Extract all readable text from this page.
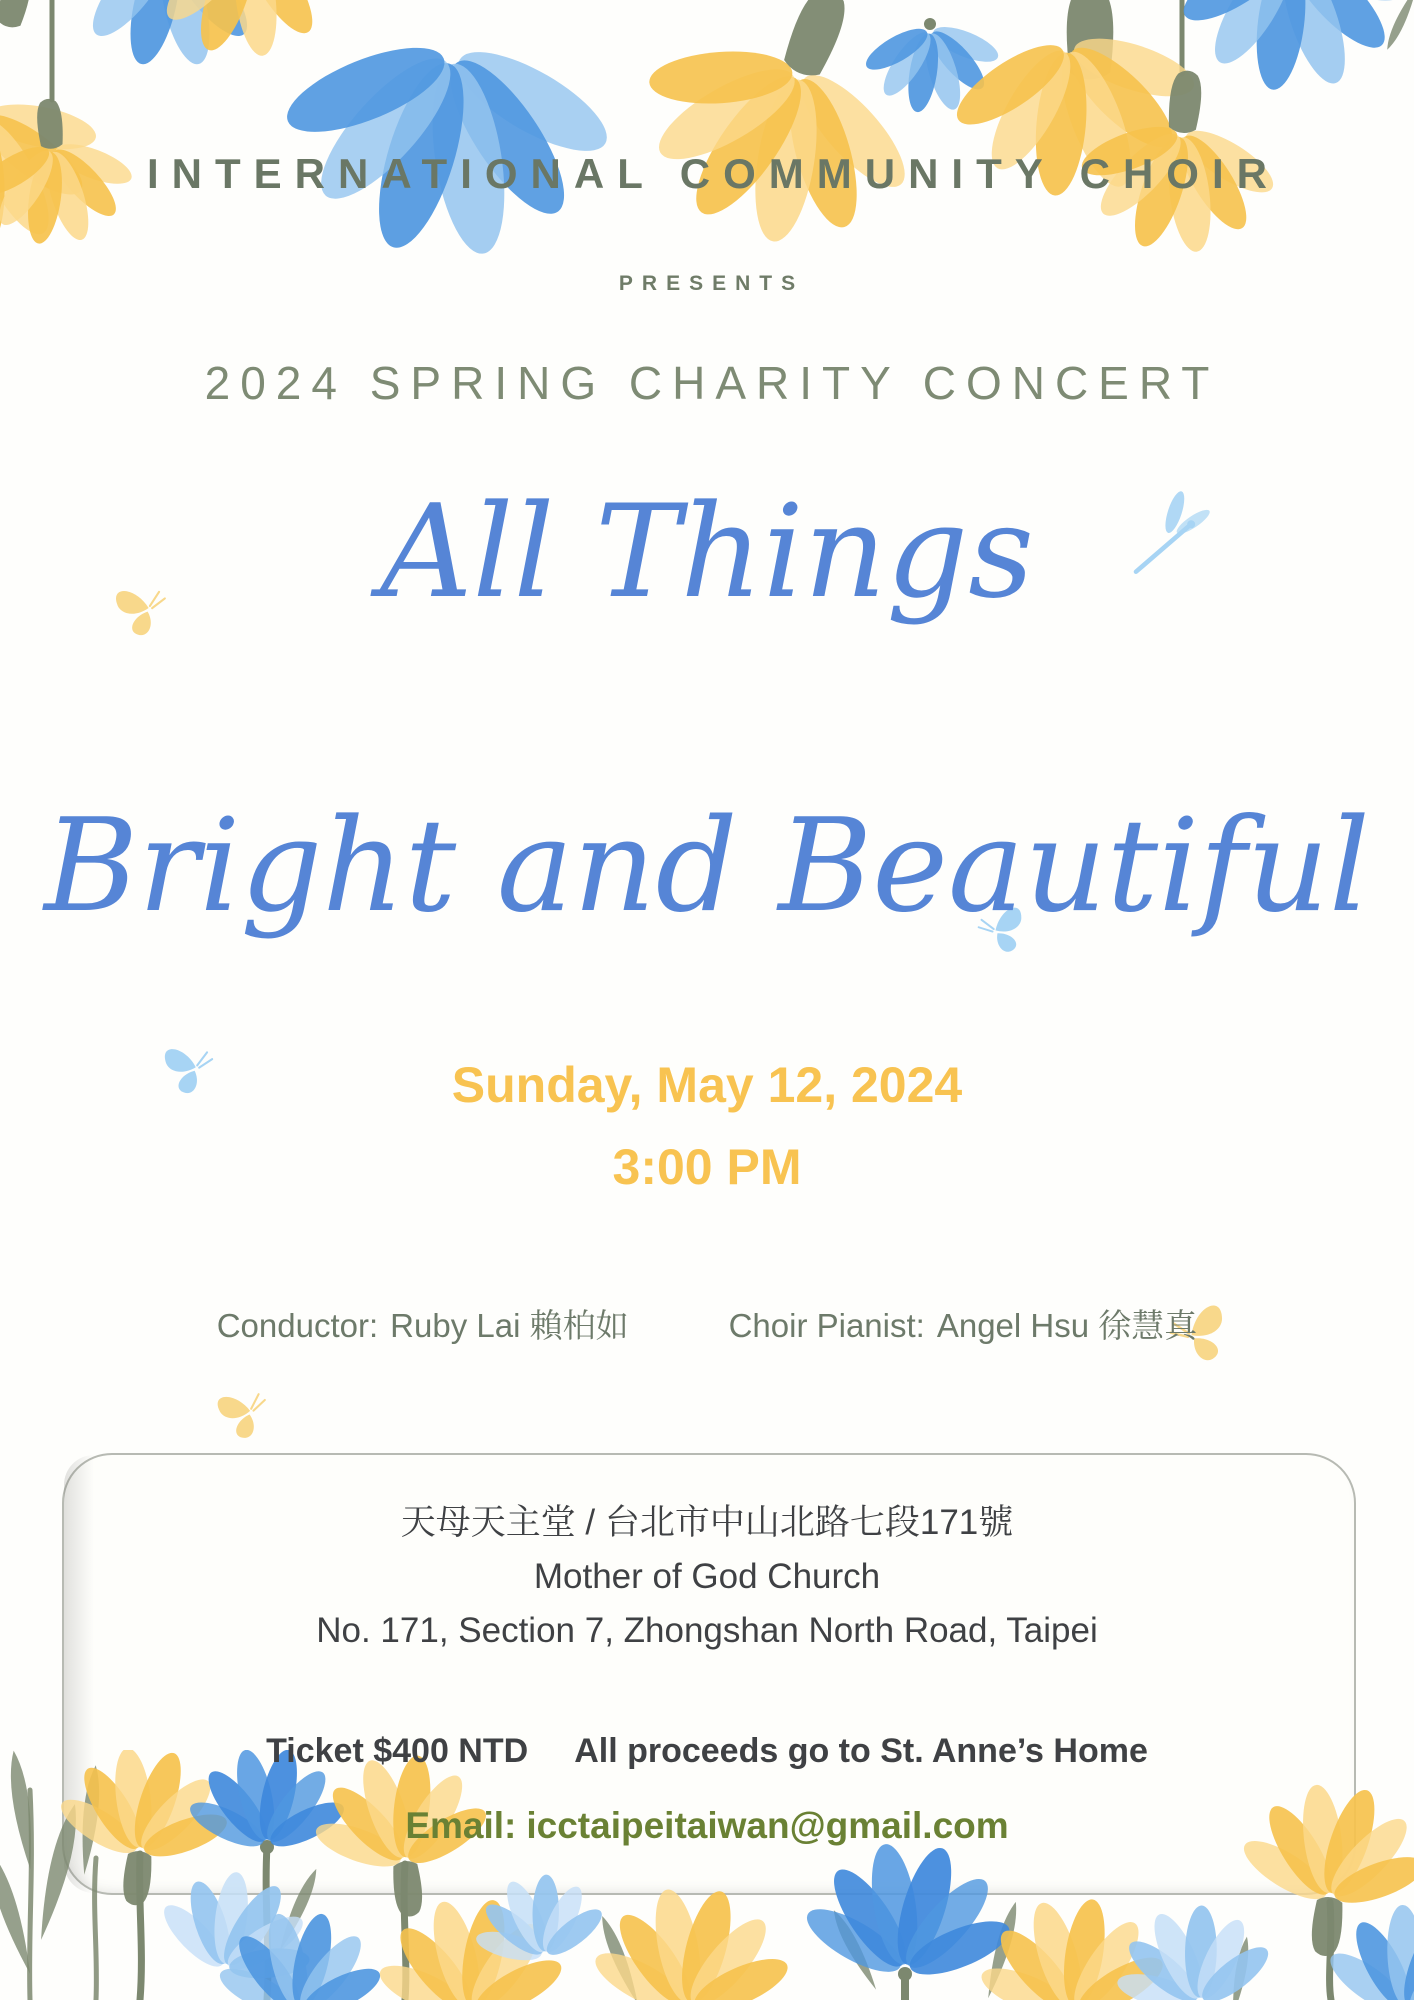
INTERNATIONAL COMMUNITY CHOIR
PRESENTS
2024 SPRING CHARITY CONCERT
All Things
Bright and Beautiful
Sunday, May 12, 2024
3:00 PM
Conductor: Ruby Lai 賴柏如	Choir Pianist: Angel Hsu 徐慧真
天母天主堂 / 台北市中山北路七段171號
Mother of God Church
No. 171, Section 7, Zhongshan North Road, Taipei
Ticket $400 NTD All proceeds go to St. Anne’s Home
Email: icctaipeitaiwan@gmail.com
